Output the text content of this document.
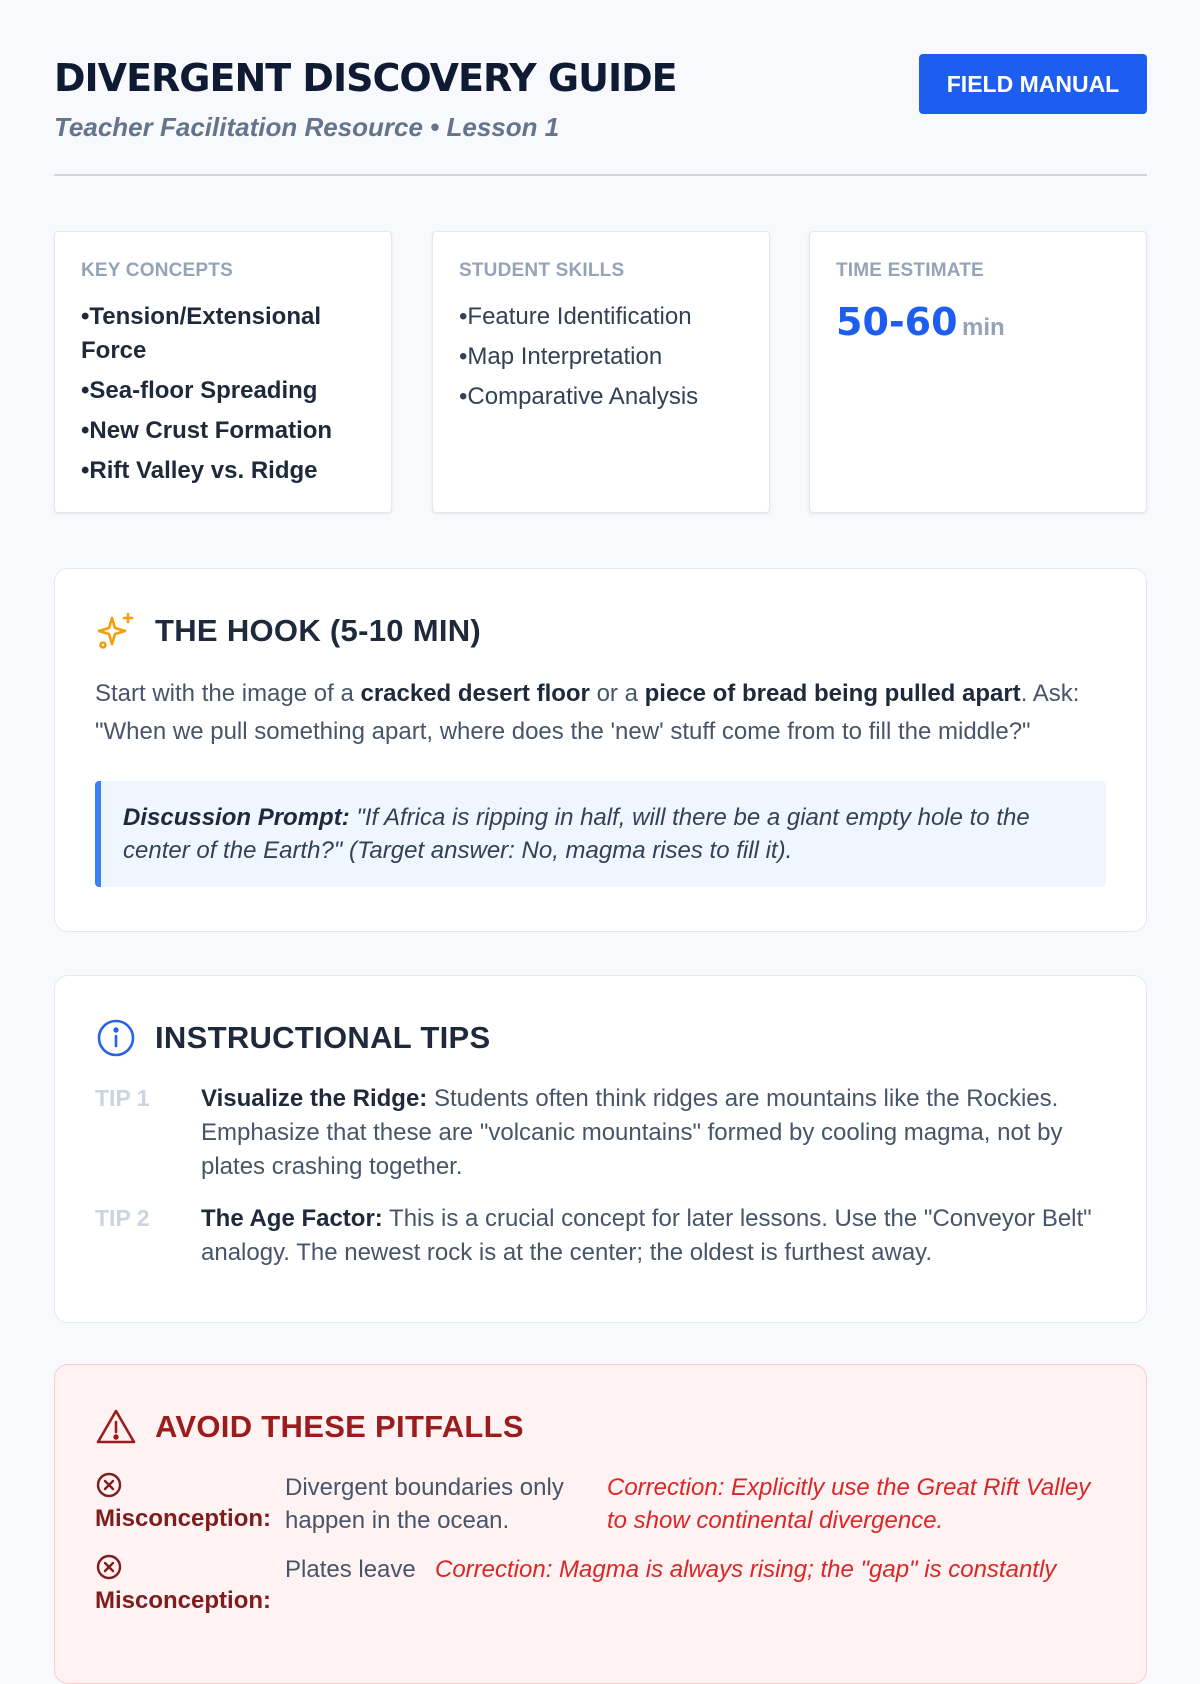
DIVERGENT DISCOVERY GUIDE
Teacher Facilitation Resource • Lesson 1
FIELD MANUAL
KEY CONCEPTS
• Tension/Extensional Force
• Sea-floor Spreading
• New Crust Formation
• Rift Valley vs. Ridge
STUDENT SKILLS
• Feature Identification
• Map Interpretation
• Comparative Analysis
TIME ESTIMATE
50-60 min
THE HOOK (5-10 MIN)

Start with the image of a cracked desert floor or a piece of bread being pulled apart. Ask: "When we pull something apart, where does the 'new' stuff come from to fill the middle?"

Discussion Prompt: "If Africa is ripping in half, will there be a giant empty hole to the center of the Earth?" (Target answer: No, magma rises to fill it).
INSTRUCTIONAL TIPS
TIP 1	Visualize the Ridge: Students often think ridges are mountains like the Rockies. Emphasize that these are "volcanic mountains" formed by cooling magma, not by plates crashing together.
TIP 2	The Age Factor: This is a crucial concept for later lessons. Use the "Conveyor Belt" analogy. The newest rock is at the center; the oldest is furthest away.
AVOID THESE PITFALLS
Misconception:
Divergent boundaries only happen in the ocean.
Correction: Explicitly use the Great Rift Valley to show continental divergence.
Misconception:
Plates leave Correction: Magma is always rising; the "gap" is constantly
